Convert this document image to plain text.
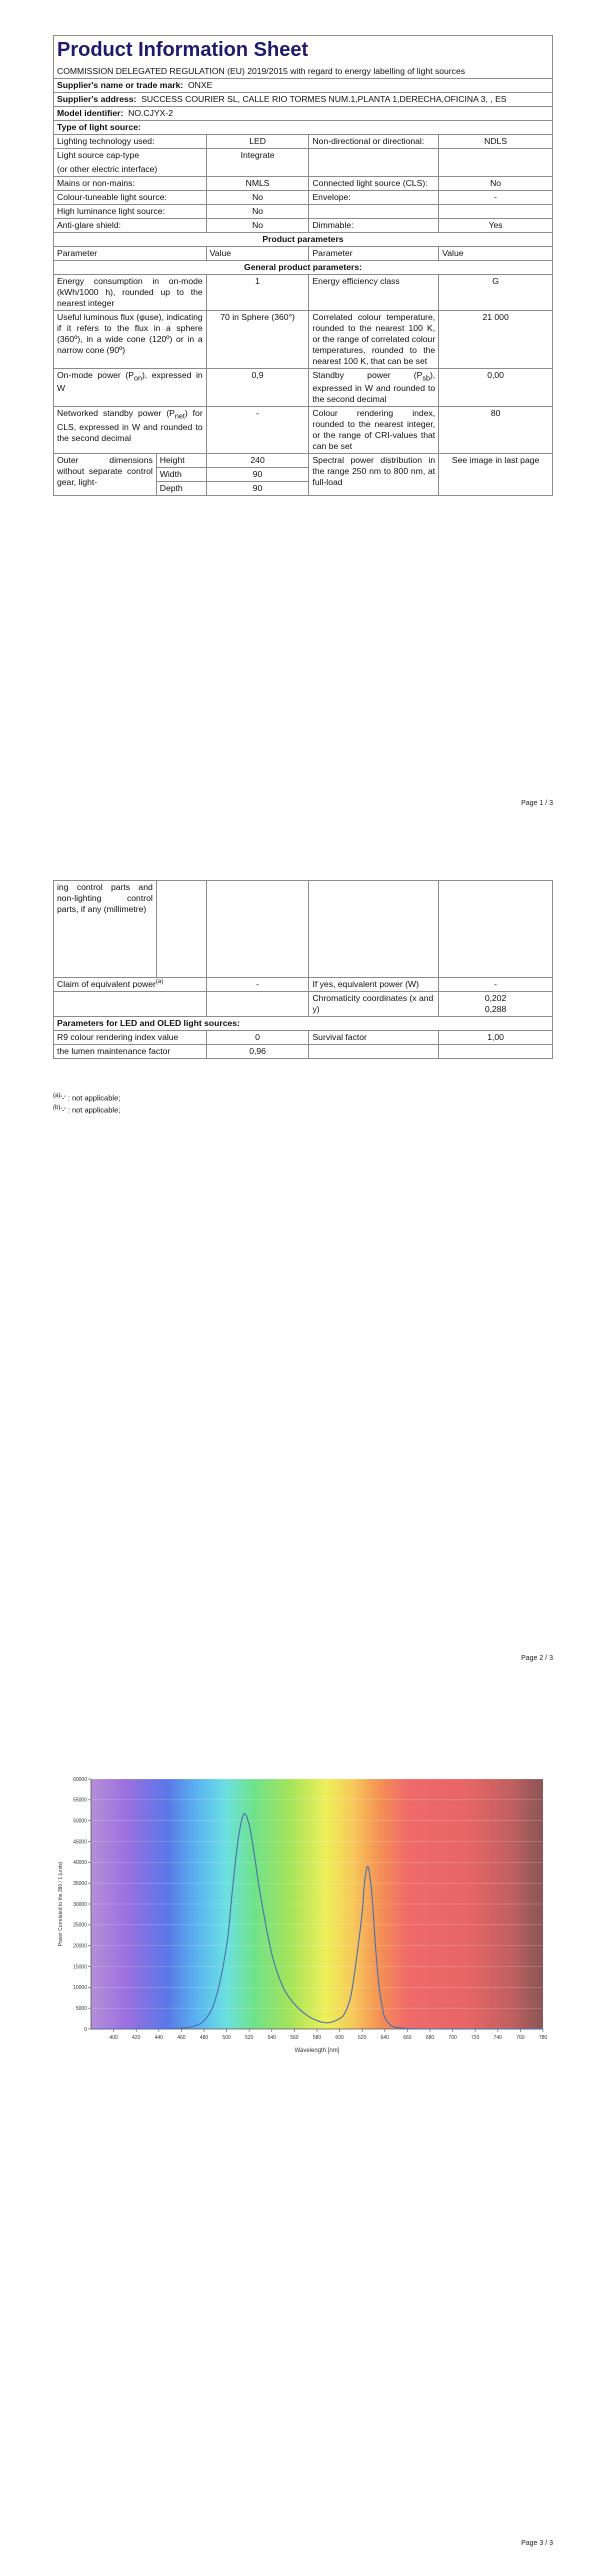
Product Information Sheet				
COMMISSION DELEGATED REGULATION (EU) 2019/2015 with regard to energy labelling of light sources				
Supplier's name or trade mark: ONXE				
Supplier's address: SUCCESS COURIER SL, CALLE RIO TORMES NUM.1,PLANTA 1,DERECHA,OFICINA 3, , ES				
Model identifier: NO.CJYX-2				
Type of light source:				
Lighting technology used:		LED	Non-directional or directional:	NDLS

Light source cap-type
(or other electric interface)		Integrate		
Mains or non-mains:		NMLS	Connected light source (CLS):	No
Colour-tuneable light source:		No	Envelope:	-
High luminance light source:		No		
Anti-glare shield:		No	Dimmable:	Yes
Product parameters				
Parameter		Value	Parameter	Value
General product parameters:				
Energy consumption in on-mode (kWh/1000 h), rounded up to the nearest integer		1	Energy efficiency class	G
Useful luminous flux (φuse), indicating if it refers to the flux in a sphere (360º), in a wide cone (120º) or in a narrow cone (90º)		70 in Sphere (360°)	Correlated colour temperature, rounded to the nearest 100 K, or the range of correlated colour temperatures, rounded to the nearest 100 K, that can be set	21 000
On-mode power $(P_{on})$, expressed in W		0,9	Standby power $(P_{sb})$, expressed in W and rounded to the second decimal	0,00
Networked standby power $(P_{net})$ for CLS, expressed in W and rounded to the second decimal		-	Colour rendering index, rounded to the nearest integer, or the range of CRI-values that can be set	80
Outer dimensions without separate control gear, light-	Height	240	Spectral power distribution in the range 250 nm to 800 nm, at full-load	See image in last page
	Width	90		
	Depth	90		
Page 1 / 3
ing control parts and non-lighting control parts, if any (millimetre)				
Claim of equivalent power$^{(a)}$		-	If yes, equivalent power (W)	-
			Chromaticity coordinates (x and y)	0,202
0,288

Parameters for LED and OLED light sources:				
R9 colour rendering index value		0	Survival factor	1,00
the lumen maintenance factor		0,96		
$^{(a)}$'-' : not applicable;
$^{(b)}$'-' : not applicable;
Page 2 / 3
0
5000
10000
15000
20000
25000
30000
35000
40000
45000
50000
55000
60000
400	420	440	460	480	500	520	540	560	580	600	620	640	660	680	700	720	740	760	780
Wavelength [nm]
Power Correlated to the 380 / 1 (units)
Page 3 / 3
